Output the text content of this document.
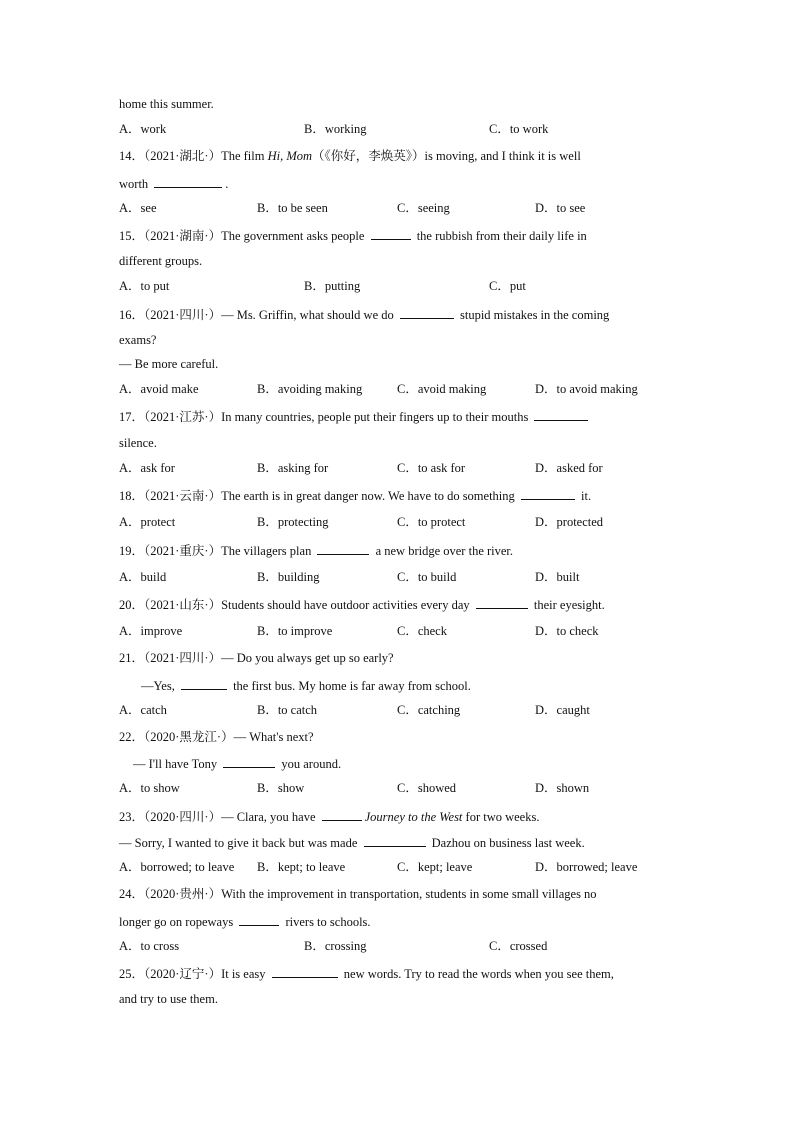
home this summer.
A．work	B．working	C．to work
14．（2021·湖北·）The film Hi, Mom（《你好，李焕英》）is moving, and I think it is well
worth	.
A．see	B．to be seen	C．seeing	D．to see
15．（2021·湖南·）The government asks people	the rubbish from their daily life in
different groups.
A．to put	B．putting	C．put
16．（2021·四川·）— Ms. Griffin, what should we do	stupid mistakes in the coming
exams?
— Be more careful.
A．avoid make	B．avoiding making	C．avoid making	D．to avoid making
17．（2021·江苏·）In many countries, people put their fingers up to their mouths
silence.
A．ask for	B．asking for	C．to ask for	D．asked for
18．（2021·云南·）The earth is in great danger now. We have to do something	it.
A．protect	B．protecting	C．to protect	D．protected
19．（2021·重庆·）The villagers plan	a new bridge over the river.
A．build	B．building	C．to build	D．built
20．（2021·山东·）Students should have outdoor activities every day	their eyesight.
A．improve	B．to improve	C．check	D．to check
21．（2021·四川·）— Do you always get up so early?
—Yes,	the first bus. My home is far away from school.
A．catch	B．to catch	C．catching	D．caught
22．（2020·黑龙江·）— What's next?
— I'll have Tony	you around.
A．to show	B．show	C．showed	D．shown
23．（2020·四川·）— Clara, you have	Journey to the West for two weeks.
— Sorry, I wanted to give it back but was made	Dazhou on business last week.
A．borrowed; to leave B．kept; to leave	C．kept; leave	D．borrowed; leave
24．（2020·贵州·）With the improvement in transportation, students in some small villages no
longer go on ropeways	rivers to schools.
A．to cross	B．crossing	C．crossed
25．（2020·辽宁·）It is easy	new words. Try to read the words when you see them,
and try to use them.
